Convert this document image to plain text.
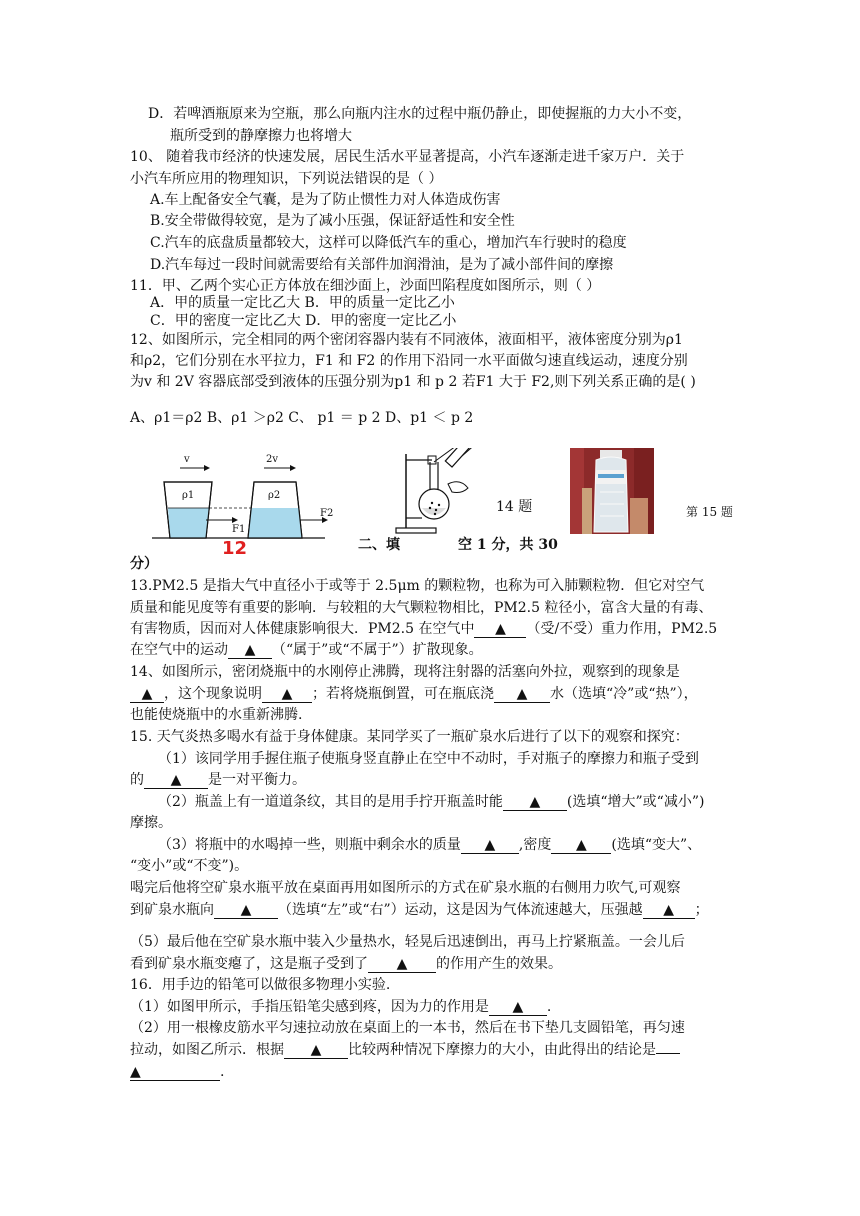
D．若啤酒瓶原来为空瓶，那么向瓶内注水的过程中瓶仍静止，即使握瓶的力大小不变，
瓶所受到的静摩擦力也将增大
10、 随着我市经济的快速发展，居民生活水平显著提高，小汽车逐渐走进千家万户．关于
小汽车所应用的物理知识，下列说法错误的是（ ）
A.车上配备安全气囊，是为了防止惯性力对人体造成伤害
B.安全带做得较宽，是为了减小压强，保证舒适性和安全性
C.汽车的底盘质量都较大，这样可以降低汽车的重心，增加汽车行驶时的稳度
D.汽车每过一段时间就需要给有关部件加润滑油，是为了减小部件间的摩擦
11．甲、乙两个实心正方体放在细沙面上，沙面凹陷程度如图所示，则（ ）
A．甲的质量一定比乙大 B．甲的质量一定比乙小
C．甲的密度一定比乙大 D．甲的密度一定比乙小
12、如图所示，完全相同的两个密闭容器内装有不同液体，液面相平，液体密度分别为ρ1
和ρ2，它们分别在水平拉力，F1 和 F2 的作用下沿同一水平面做匀速直线运动，速度分别
为v 和 2V 容器底部受到液体的压强分别为p1 和 p 2 若F1 大于 F2,则下列关系正确的是( )
A、ρ1＝ρ2 B、ρ1 ＞ρ2 C、 p1 ＝ p 2 D、p1 ＜ p 2
v	2v
ρ1	ρ2
F1
F2
12
14 题	第 15 题
二、填	空 1 分，共 30
分）
13.PM2.5 是指大气中直径小于或等于 2.5μm 的颗粒物，也称为可入肺颗粒物．但它对空气
质量和能见度等有重要的影响．与较粗的大气颗粒物相比，PM2.5 粒径小，富含大量的有毒、
有害物质，因而对人体健康影响很大．PM2.5 在空气中 ▲ （受/不受）重力作用，PM2.5
在空气中的运动 ▲ （“属于”或“不属于”）扩散现象。
14、如图所示，密闭烧瓶中的水刚停止沸腾，现将注射器的活塞向外拉，观察到的现象是
▲ ，这个现象说明 ▲ ；若将烧瓶倒置，可在瓶底浇 ▲ 水（选填“冷”或“热”），
也能使烧瓶中的水重新沸腾.
15. 天气炎热多喝水有益于身体健康。某同学买了一瓶矿泉水后进行了以下的观察和探究：
（1）该同学用手握住瓶子使瓶身竖直静止在空中不动时，手对瓶子的摩擦力和瓶子受到
的 ▲ 是一对平衡力。
（2）瓶盖上有一道道条纹，其目的是用手拧开瓶盖时能 ▲ (选填“增大”或“减小”)
摩擦。
（3）将瓶中的水喝掉一些，则瓶中剩余水的质量 ▲ ,密度 ▲ (选填“变大”、
“变小”或“不变”)。
喝完后他将空矿泉水瓶平放在桌面再用如图所示的方式在矿泉水瓶的右侧用力吹气,可观察
到矿泉水瓶向 ▲ （选填“左”或“右”）运动，这是因为气体流速越大，压强越 ▲ ；
（5）最后他在空矿泉水瓶中装入少量热水，轻晃后迅速倒出，再马上拧紧瓶盖。一会儿后
看到矿泉水瓶变瘪了，这是瓶子受到了 ▲ 的作用产生的效果。
16．用手边的铅笔可以做很多物理小实验.
（1）如图甲所示，手指压铅笔尖感到疼，因为力的作用是 ▲ .
（2）用一根橡皮筋水平匀速拉动放在桌面上的一本书，然后在书下垫几支圆铅笔，再匀速
拉动，如图乙所示．根据 ▲ 比较两种情况下摩擦力的大小，由此得出的结论是
▲	.
